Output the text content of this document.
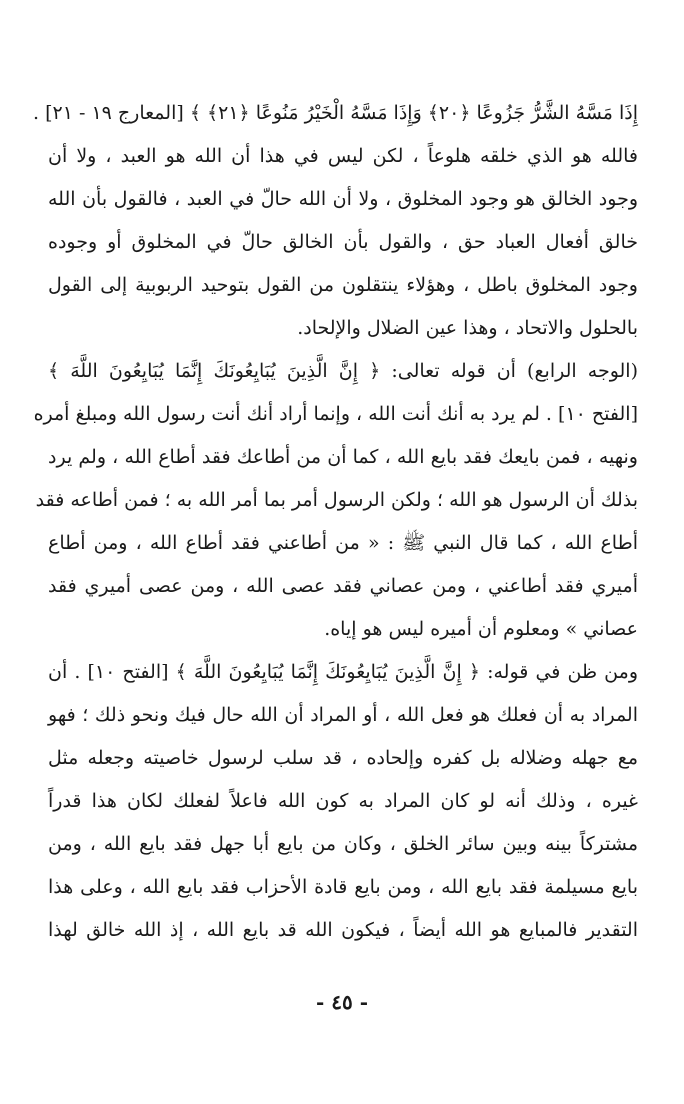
إِذَا مَسَّهُ الشَّرُّ جَزُوعًا ﴿٢٠﴾ وَإِذَا مَسَّهُ الْخَيْرُ مَنُوعًا ﴿٢١﴾ ﴾ [المعارج ١٩ - ٢١] .
فالله هو الذي خلقه هلوعاً ، لكن ليس في هذا أن الله هو العبد ، ولا أن
وجود الخالق هو وجود المخلوق ، ولا أن الله حالّ في العبد ، فالقول بأن الله
خالق أفعال العباد حق ، والقول بأن الخالق حالّ في المخلوق أو وجوده
وجود المخلوق باطل ، وهؤلاء ينتقلون من القول بتوحيد الربوبية إلى القول
بالحلول والاتحاد ، وهذا عين الضلال والإلحاد.
(الوجه الرابع) أن قوله تعالى: ﴿ إِنَّ الَّذِينَ يُبَايِعُونَكَ إِنَّمَا يُبَايِعُونَ اللَّهَ ﴾
[الفتح ١٠] . لم يرد به أنك أنت الله ، وإنما أراد أنك أنت رسول الله ومبلغ أمره
ونهيه ، فمن بايعك فقد بايع الله ، كما أن من أطاعك فقد أطاع الله ، ولم يرد
بذلك أن الرسول هو الله ؛ ولكن الرسول أمر بما أمر الله به ؛ فمن أطاعه فقد
أطاع الله ، كما قال النبي ﷺ : « من أطاعني فقد أطاع الله ، ومن أطاع
أميري فقد أطاعني ، ومن عصاني فقد عصى الله ، ومن عصى أميري فقد
عصاني » ومعلوم أن أميره ليس هو إياه.
ومن ظن في قوله: ﴿ إِنَّ الَّذِينَ يُبَايِعُونَكَ إِنَّمَا يُبَايِعُونَ اللَّهَ ﴾ [الفتح ١٠] . أن
المراد به أن فعلك هو فعل الله ، أو المراد أن الله حال فيك ونحو ذلك ؛ فهو
مع جهله وضلاله بل كفره وإلحاده ، قد سلب لرسول خاصيته وجعله مثل
غيره ، وذلك أنه لو كان المراد به كون الله فاعلاً لفعلك لكان هذا قدراً
مشتركاً بينه وبين سائر الخلق ، وكان من بايع أبا جهل فقد بايع الله ، ومن
بايع مسيلمة فقد بايع الله ، ومن بايع قادة الأحزاب فقد بايع الله ، وعلى هذا
التقدير فالمبايع هو الله أيضاً ، فيكون الله قد بايع الله ، إذ الله خالق لهذا
- ٤٥ -
